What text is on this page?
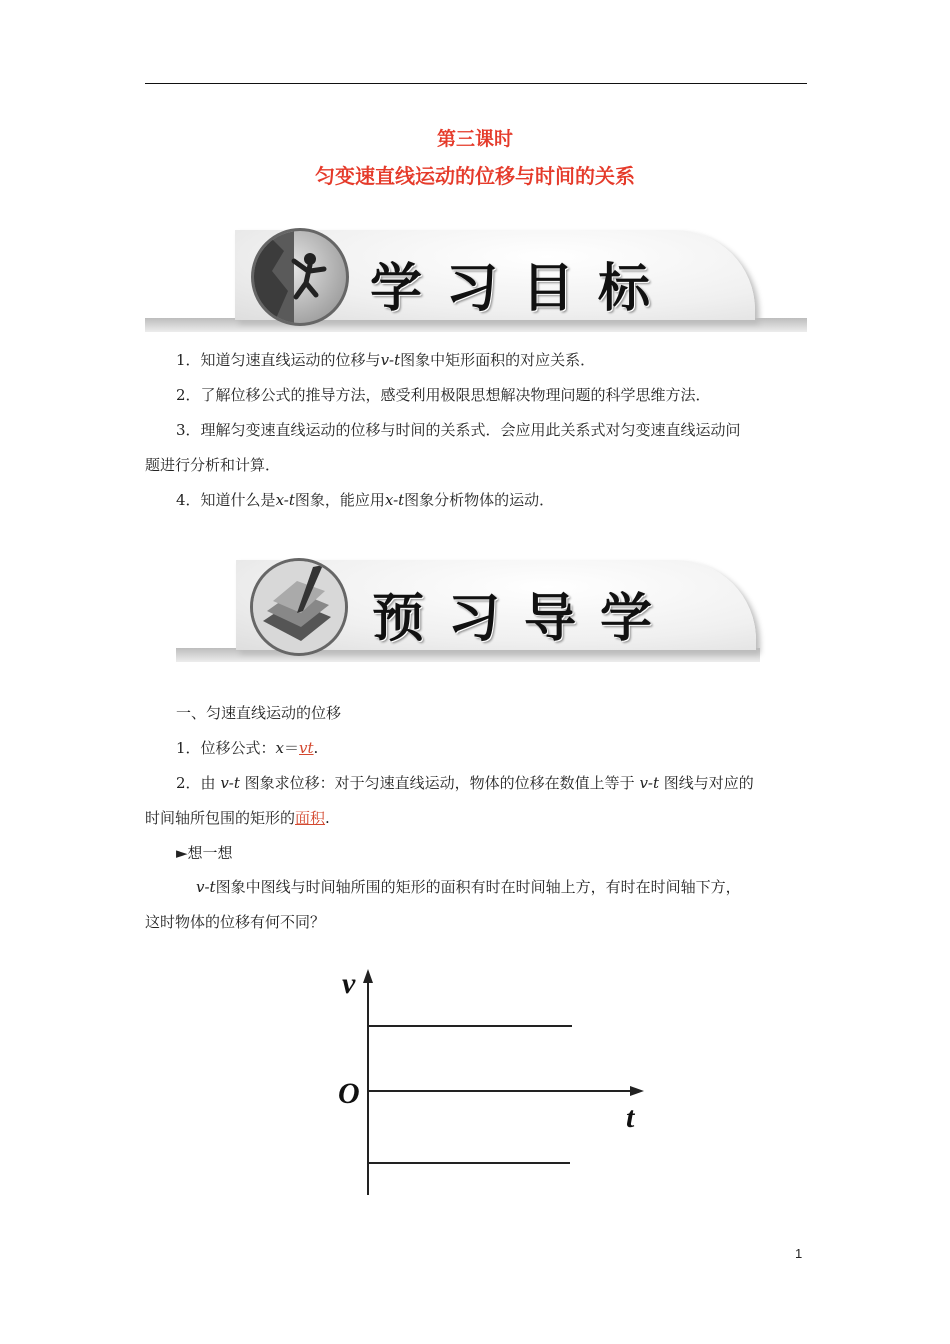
第三课时
匀变速直线运动的位移与时间的关系
学习目标

1．知道匀速直线运动的位移与v-t图象中矩形面积的对应关系．

2．了解位移公式的推导方法，感受利用极限思想解决物理问题的科学思维方法．

3．理解匀变速直线运动的位移与时间的关系式．会应用此关系式对匀变速直线运动问

题进行分析和计算．

4．知道什么是x-t图象，能应用x-t图象分析物体的运动．

预习导学

一、匀速直线运动的位移

1．位移公式：x＝vt.

2．由 v-t 图象求位移：对于匀速直线运动，物体的位移在数值上等于 v-t 图线与对应的

时间轴所包围的矩形的面积.

►想一想

v-t图象中图线与时间轴所围的矩形的面积有时在时间轴上方，有时在时间轴下方，

这时物体的位移有何不同？

v
t
O
1
